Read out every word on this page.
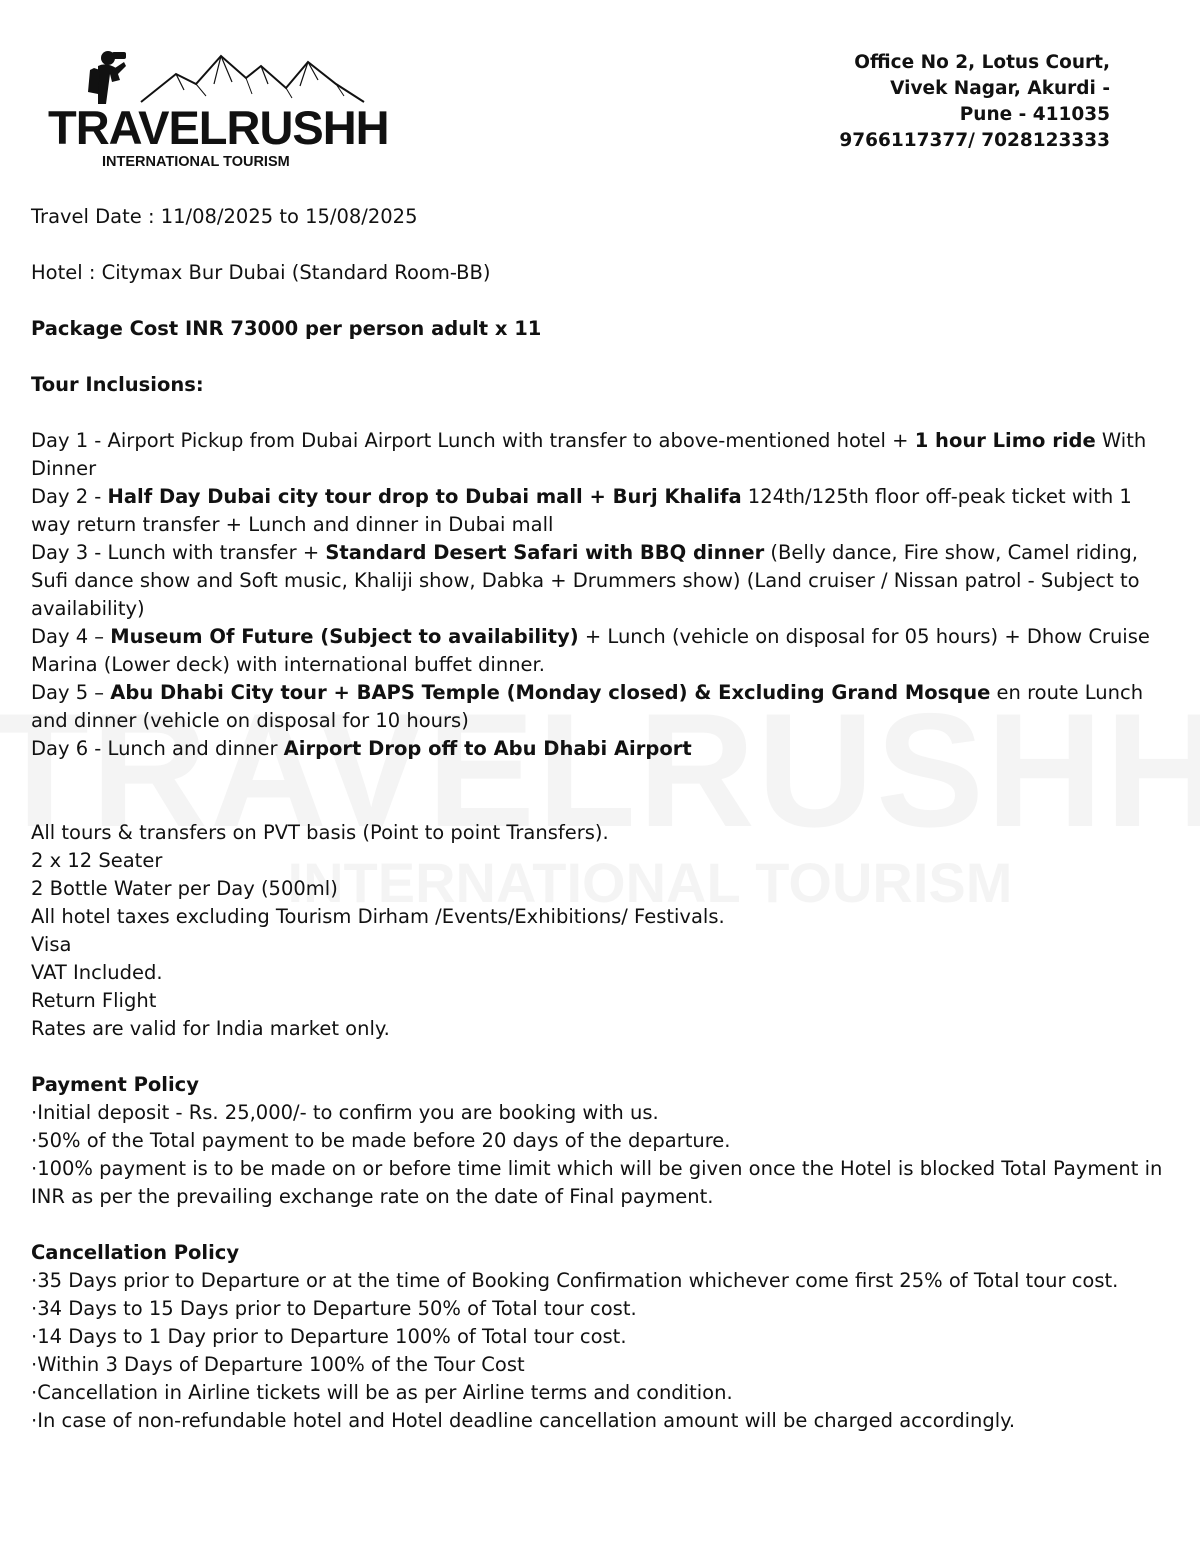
TRAVELRUSHH
INTERNATIONAL TOURISM
Office No 2, Lotus Court,
Vivek Nagar, Akurdi -
Pune - 411035
9766117377/ 7028123333

Travel Date : 11/08/2025 to 15/08/2025

Hotel : Citymax Bur Dubai (Standard Room-BB)

Package Cost INR 73000 per person adult x 11

Tour Inclusions:

Day 1 - Airport Pickup from Dubai Airport Lunch with transfer to above-mentioned hotel + 1 hour Limo ride With Dinner

Day 2 - Half Day Dubai city tour drop to Dubai mall + Burj Khalifa 124th/125th floor off-peak ticket with 1 way return transfer + Lunch and dinner in Dubai mall

Day 3 - Lunch with transfer + Standard Desert Safari with BBQ dinner (Belly dance, Fire show, Camel riding, Sufi dance show and Soft music, Khaliji show, Dabka + Drummers show) (Land cruiser / Nissan patrol - Subject to availability)

Day 4 – Museum Of Future (Subject to availability) + Lunch (vehicle on disposal for 05 hours) + Dhow Cruise Marina (Lower deck) with international buffet dinner.

Day 5 – Abu Dhabi City tour + BAPS Temple (Monday closed) & Excluding Grand Mosque en route Lunch and dinner (vehicle on disposal for 10 hours)

Day 6 - Lunch and dinner Airport Drop off to Abu Dhabi Airport

All tours & transfers on PVT basis (Point to point Transfers).

2 x 12 Seater

2 Bottle Water per Day (500ml)

All hotel taxes excluding Tourism Dirham /Events/Exhibitions/ Festivals.

Visa

VAT Included.

Return Flight

Rates are valid for India market only.

Payment Policy

·Initial deposit - Rs. 25,000/- to confirm you are booking with us.

·50% of the Total payment to be made before 20 days of the departure.

·100% payment is to be made on or before time limit which will be given once the Hotel is blocked Total Payment in INR as per the prevailing exchange rate on the date of Final payment.

Cancellation Policy

·35 Days prior to Departure or at the time of Booking Confirmation whichever come first 25% of Total tour cost.

·34 Days to 15 Days prior to Departure 50% of Total tour cost.

·14 Days to 1 Day prior to Departure 100% of Total tour cost.

·Within 3 Days of Departure 100% of the Tour Cost

·Cancellation in Airline tickets will be as per Airline terms and condition.

·In case of non-refundable hotel and Hotel deadline cancellation amount will be charged accordingly.
